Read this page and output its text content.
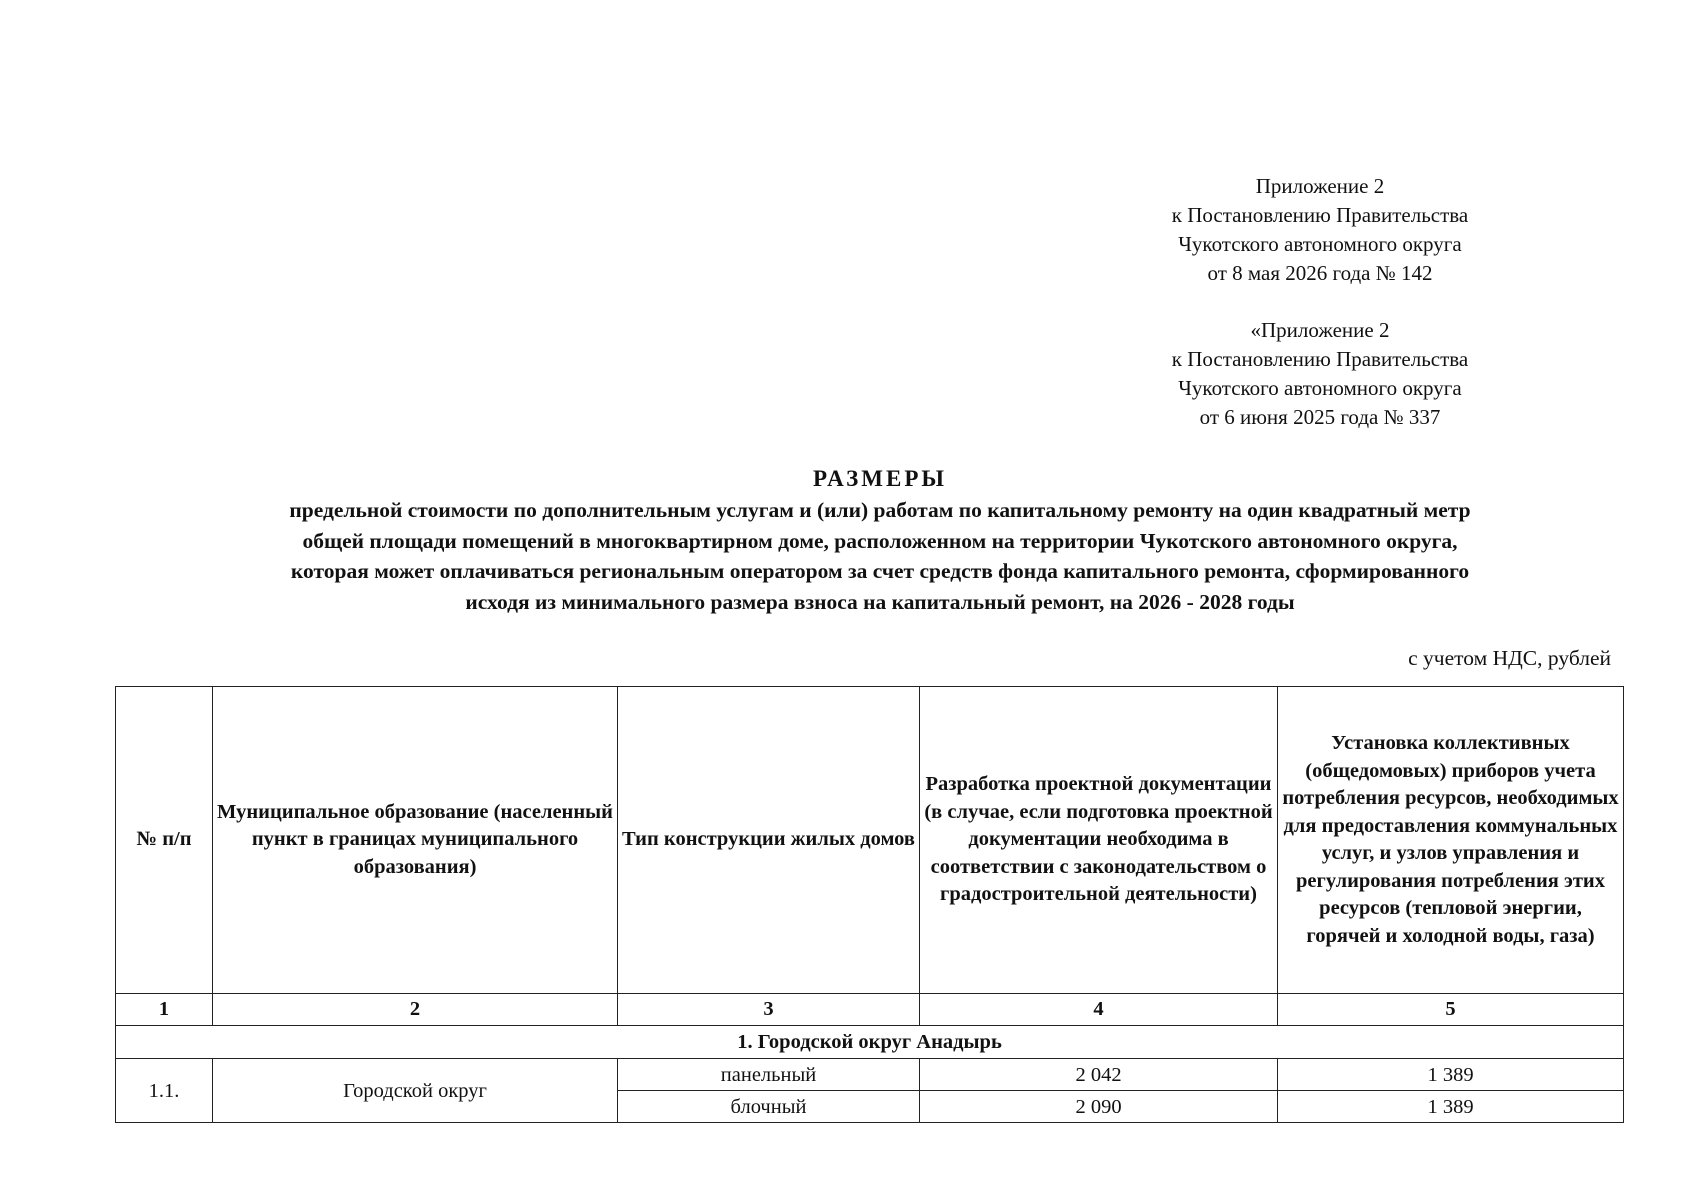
Приложение 2
к Постановлению Правительства
Чукотского автономного округа
от 8 мая 2026 года № 142
«Приложение 2
к Постановлению Правительства
Чукотского автономного округа
от 6 июня 2025 года № 337
РАЗМЕРЫ
предельной стоимости по дополнительным услугам и (или) работам по капитальному ремонту на один квадратный метр
общей площади помещений в многоквартирном доме, расположенном на территории Чукотского автономного округа,
которая может оплачиваться региональным оператором за счет средств фонда капитального ремонта, сформированного
исходя из минимального размера взноса на капитальный ремонт, на 2026 - 2028 годы
с учетом НДС, рублей
№ п/п	Муниципальное образование (населенный пункт в границах муниципального образования)	Тип конструкции жилых домов	Разработка проектной документации (в случае, если подготовка проектной документации необходима в соответствии с законодательством о градостроительной деятельности)	Установка коллективных (общедомовых) приборов учета потребления ресурсов, необходимых для предоставления коммунальных услуг, и узлов управления и регулирования потребления этих ресурсов (тепловой энергии, горячей и холодной воды, газа)
1	2	3	4	5
1. Городской округ Анадырь				
1.1.	Городской округ	панельный	2 042	1 389
		блочный	2 090	1 389
